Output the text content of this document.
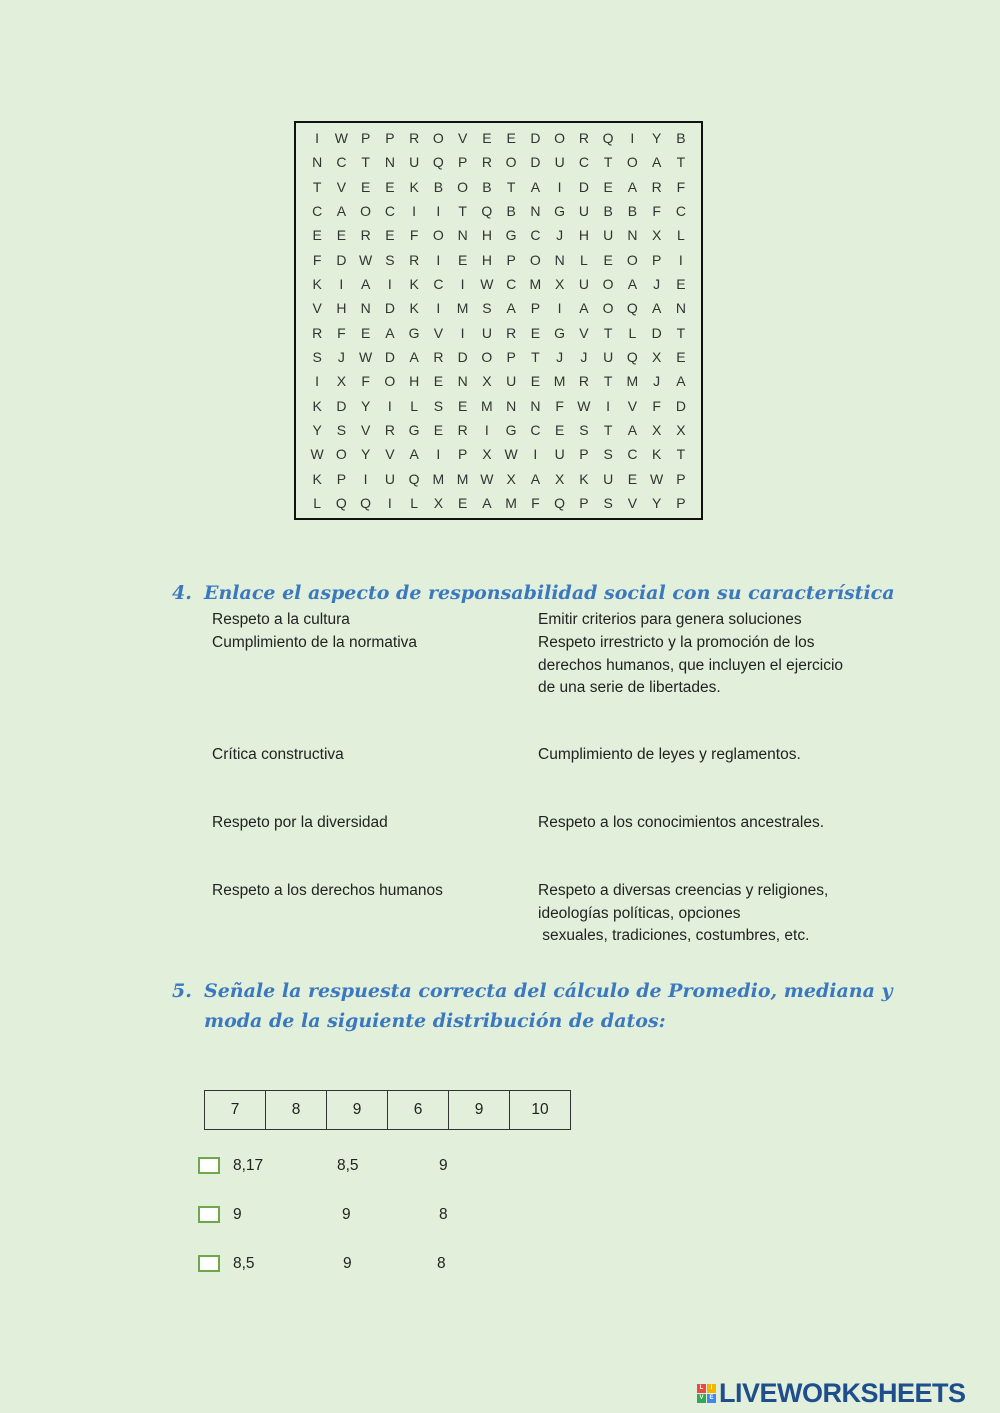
I	W P	P	R O	V	E	E	D O R Q	I	Y	B
N	C	T	N	U Q	P	R O D	U	C	T	O	A	T
T	V	E	E	K	B	O	B	T	A	I	D	E	A	R	F
C	A	O C	I	I	T	Q	B	N G U	B	B	F	C
E	E	R	E	F	O N	H G C	J	H	U	N	X	L
F	D W S	R	I	E	H	P	O N	L	E	O	P	I
K	I	A	I	K	C	I	W C M X	U O	A	J	E
V	H	N	D	K	I	M S	A	P	I	A	O Q	A	N
R	F	E	A	G	V	I	U	R	E	G	V	T	L	D	T
S	J	W D	A	R	D O	P	T	J	J	U Q	X	E
I	X	F	O H	E	N	X	U	E M R	T	M	J	A
K	D	Y	I	L	S	E M N	N	F W	I	V	F	D
Y	S	V	R G	E	R	I	G C	E	S	T	A	X	X
W O	Y	V	A	I	P	X W	I	U	P	S	C	K	T
K	P	I	U Q M M W X	A	X	K	U	E W P
L	Q Q	I	L	X	E	A M	F	Q	P	S	V	Y	P
4. Enlace el aspecto de responsabilidad social con su característica

Respeto a la cultura

Cumplimiento de la normativa

Crítica constructiva

Respeto por la diversidad

Respeto a los derechos humanos

Emitir criterios para genera soluciones

Respeto irrestricto y la promoción de los derechos humanos, que incluyen el ejercicio de una serie de libertades.

Cumplimiento de leyes y reglamentos.

Respeto a los conocimientos ancestrales.

Respeto a diversas creencias y religiones, ideologías políticas, opciones

sexuales, tradiciones, costumbres, etc.

5. Señale la respuesta correcta del cálculo de Promedio, mediana y
moda de la siguiente distribución de datos:
7	8	9	6	9	10
8,17	8,5	9
9	9	8
8,5	9	8
L	I
V E LIVEWORKSHEETS
